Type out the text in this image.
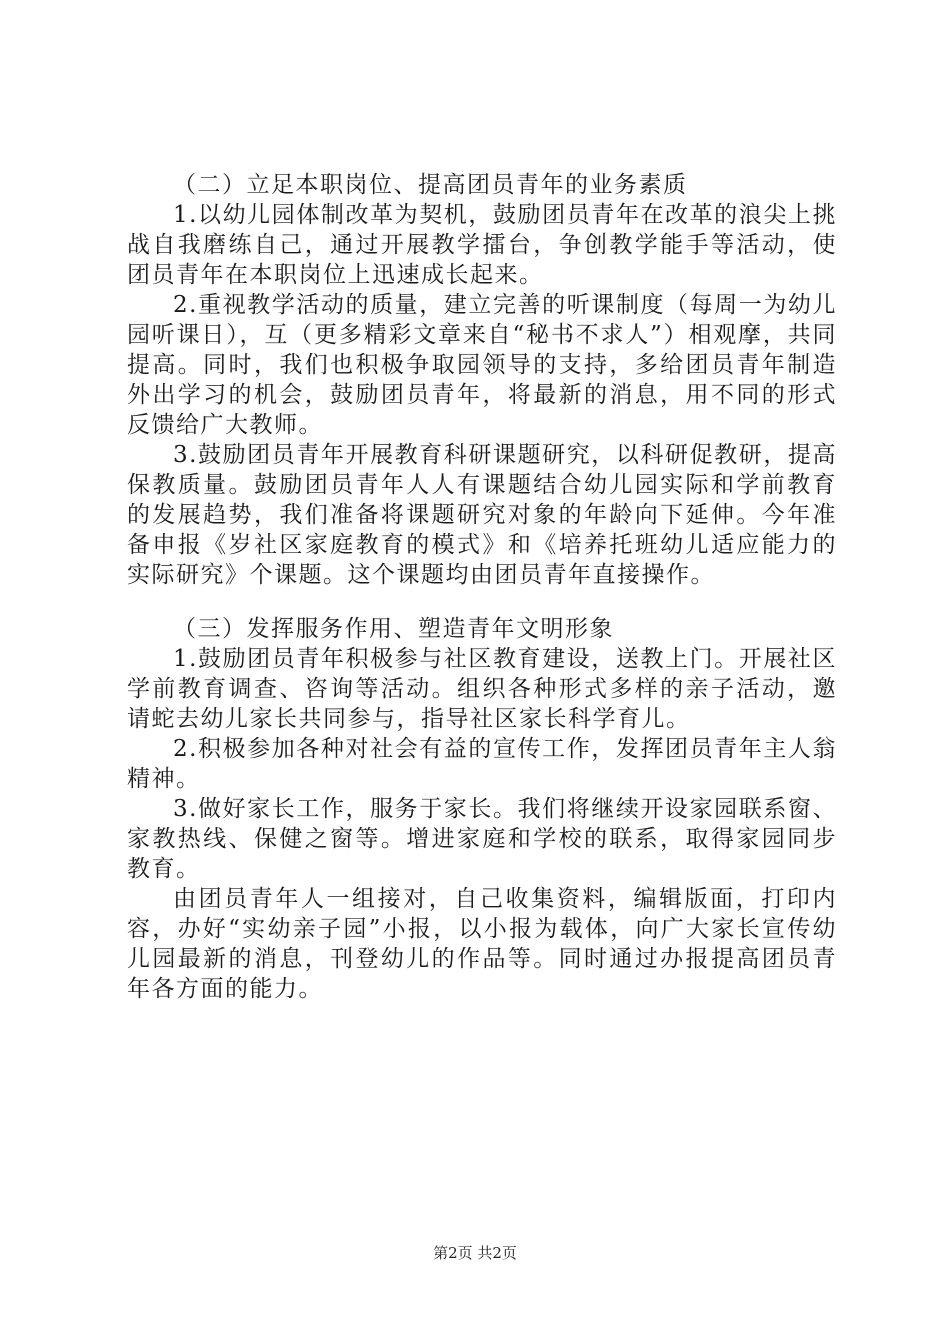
（二）立足本职岗位、提高团员青年的业务素质

1.以幼儿园体制改革为契机，鼓励团员青年在改革的浪尖上挑战自我磨练自己，通过开展教学擂台，争创教学能手等活动，使团员青年在本职岗位上迅速成长起来。

2.重视教学活动的质量，建立完善的听课制度（每周一为幼儿园听课日），互（更多精彩文章来自“秘书不求人”）相观摩，共同提高。同时，我们也积极争取园领导的支持，多给团员青年制造外出学习的机会，鼓励团员青年，将最新的消息，用不同的形式反馈给广大教师。

3.鼓励团员青年开展教育科研课题研究，以科研促教研，提高保教质量。鼓励团员青年人人有课题结合幼儿园实际和学前教育的发展趋势，我们准备将课题研究对象的年龄向下延伸。今年准备申报《岁社区家庭教育的模式》和《培养托班幼儿适应能力的实际研究》个课题。这个课题均由团员青年直接操作。

（三）发挥服务作用、塑造青年文明形象

1.鼓励团员青年积极参与社区教育建设，送教上门。开展社区学前教育调查、咨询等活动。组织各种形式多样的亲子活动，邀请蛇去幼儿家长共同参与，指导社区家长科学育儿。

2.积极参加各种对社会有益的宣传工作，发挥团员青年主人翁精神。

3.做好家长工作，服务于家长。我们将继续开设家园联系窗、家教热线、保健之窗等。增进家庭和学校的联系，取得家园同步教育。

由团员青年人一组接对，自己收集资料，编辑版面，打印内容，办好“实幼亲子园”小报，以小报为载体，向广大家长宣传幼儿园最新的消息，刊登幼儿的作品等。同时通过办报提高团员青年各方面的能力。

第2页 共2页
